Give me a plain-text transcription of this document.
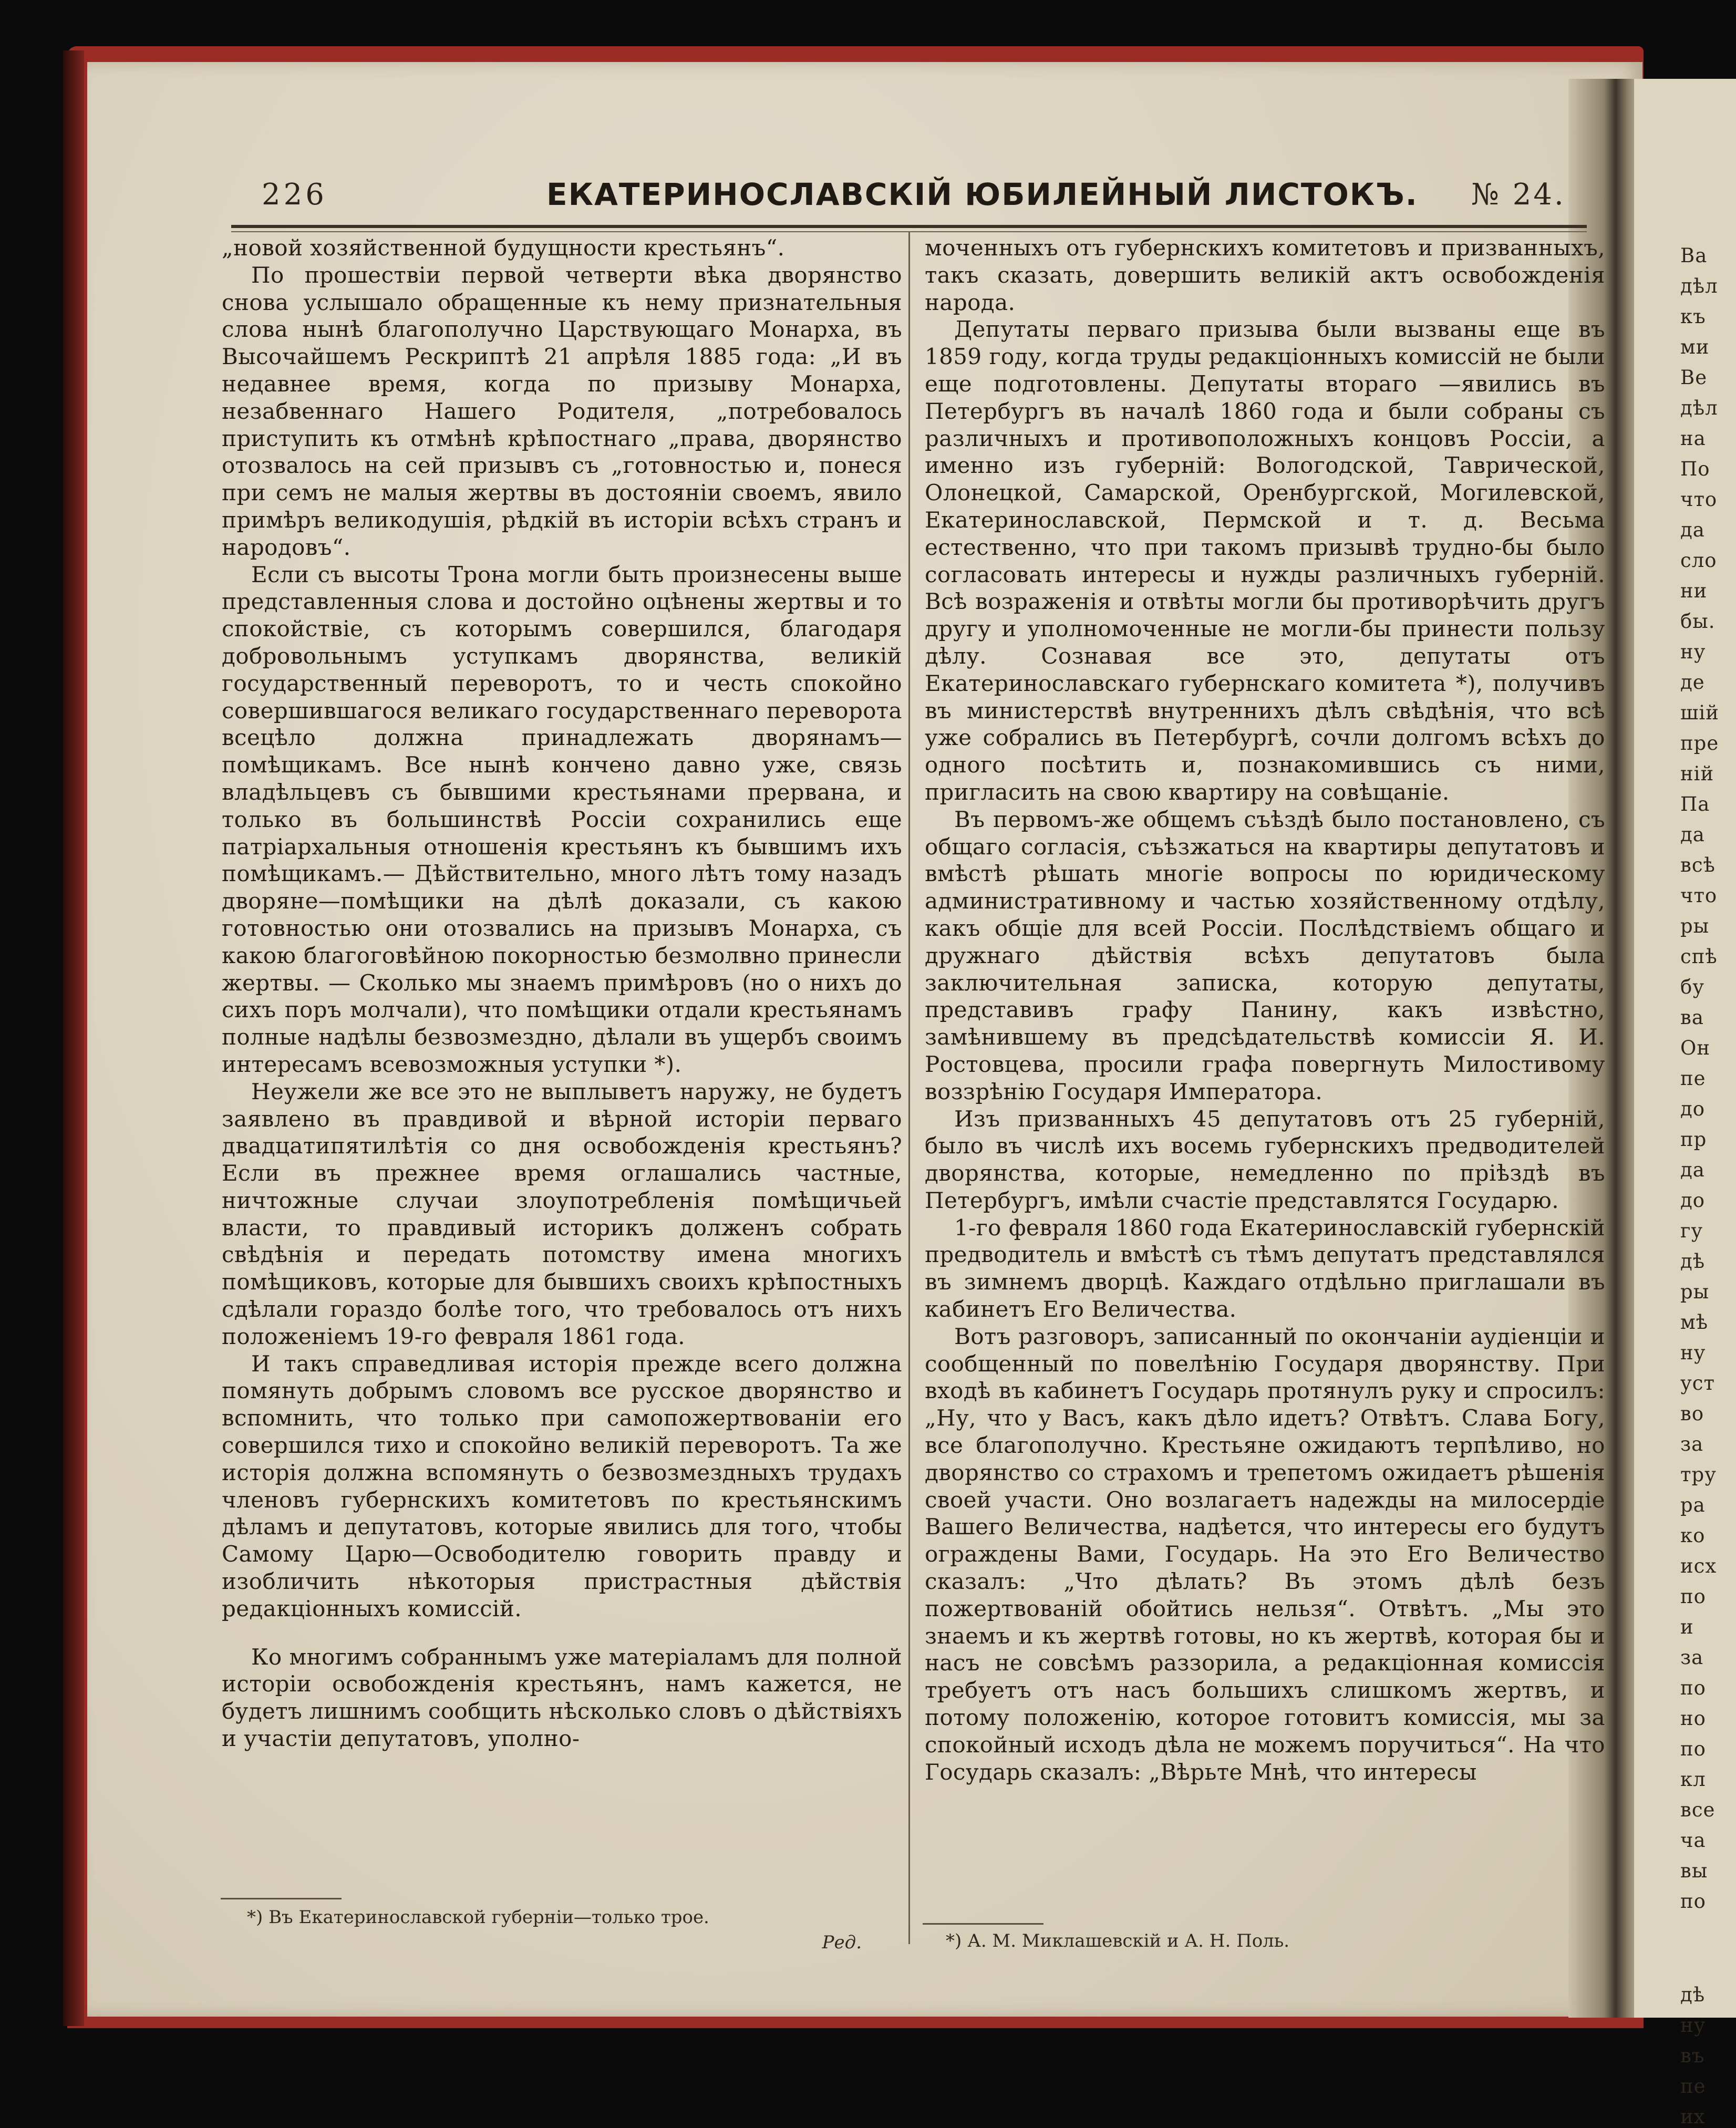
Ва
дѣл
къ
ми
Ве
дѣл
на
По
что
да
сло
ни
бы.
ну
де
шій
пре
ній
Па
да
всѣ
что
ры
спѣ
бу
ва
Он
пе
до
пр
да
до
гу
дѣ
ры
мѣ
ну
уст
во
за
тру
ра
ко
исх
по
и
за
по
но
по
кл
все
ча
вы
по
дѣ
ну
въ
пе
их
226	ЕКАТЕРИНОСЛАВСКІЙ ЮБИЛЕЙНЫЙ ЛИСТОКЪ. № 24.

„новой хозяйственной будущности крестьянъ“.

По прошествіи первой четверти вѣка дворянство снова услышало обращенные къ нему признательныя слова нынѣ благополучно Царствующаго Монарха, въ Высочайшемъ Рескриптѣ 21 апрѣля 1885 года: „И въ недавнее время, когда по призыву Монарха, незабвеннаго Нашего Родителя, „потребовалось приступить къ отмѣнѣ крѣпостнаго „права, дворянство отозвалось на сей призывъ съ „готовностью и, понеся при семъ не малыя жертвы въ достояніи своемъ, явило примѣръ великодушія, рѣдкій въ исторіи всѣхъ странъ и народовъ“.

Если съ высоты Трона могли быть произнесены выше представленныя слова и достойно оцѣнены жертвы и то спокойствіе, съ которымъ совершился, благодаря добровольнымъ уступкамъ дворянства, великій государственный переворотъ, то и честь спокойно совершившагося великаго государственнаго переворота всецѣло должна принадлежать дворянамъ—помѣщикамъ. Все нынѣ кончено давно уже, связь владѣльцевъ съ бывшими крестьянами прервана, и только въ большинствѣ Россіи сохранились еще патріархальныя отношенія крестьянъ къ бывшимъ ихъ помѣщикамъ.— Дѣйствительно, много лѣтъ тому назадъ дворяне—помѣщики на дѣлѣ доказали, съ какою готовностью они отозвались на призывъ Монарха, съ какою благоговѣйною покорностью безмолвно принесли жертвы. — Сколько мы знаемъ примѣровъ (но о нихъ до сихъ поръ молчали), что помѣщики отдали крестьянамъ полные надѣлы безвозмездно, дѣлали въ ущербъ своимъ интересамъ всевозможныя уступки *).

Неужели же все это не выплыветъ наружу, не будетъ заявлено въ правдивой и вѣрной исторіи перваго двадцатипятилѣтія со дня освобожденія крестьянъ? Если въ прежнее время оглашались частные, ничтожные случаи злоупотребленія помѣщичьей власти, то правдивый историкъ долженъ собрать свѣдѣнія и передать потомству имена многихъ помѣщиковъ, которые для бывшихъ своихъ крѣпостныхъ сдѣлали гораздо болѣе того, что требовалось отъ нихъ положеніемъ 19-го февраля 1861 года.

И такъ справедливая исторія прежде всего должна помянуть добрымъ словомъ все русское дворянство и вспомнить, что только при самопожертвованіи его совершился тихо и спокойно великій переворотъ. Та же исторія должна вспомянуть о безвозмездныхъ трудахъ членовъ губернскихъ комитетовъ по крестьянскимъ дѣламъ и депутатовъ, которые явились для того, чтобы Самому Царю—Освободителю говорить правду и изобличить нѣкоторыя пристрастныя дѣйствія редакціонныхъ комиссій.

Ко многимъ собраннымъ уже матеріаламъ для полной исторіи освобожденія крестьянъ, намъ кажется, не будетъ лишнимъ сообщить нѣсколько словъ о дѣйствіяхъ и участіи депутатовъ, уполно-

*) Въ Екатеринославской губерніи—только трое.
Ред.

моченныхъ отъ губернскихъ комитетовъ и призванныхъ, такъ сказать, довершить великій актъ освобожденія народа.

Депутаты перваго призыва были вызваны еще въ 1859 году, когда труды редакціонныхъ комиссій не были еще подготовлены. Депутаты втораго —явились въ Петербургъ въ началѣ 1860 года и были собраны съ различныхъ и противоположныхъ концовъ Россіи, а именно изъ губерній: Вологодской, Таврической, Олонецкой, Самарской, Оренбургской, Могилевской, Екатеринославской, Пермской и т. д. Весьма естественно, что при такомъ призывѣ трудно-бы было согласовать интересы и нужды различныхъ губерній. Всѣ возраженія и отвѣты могли бы противорѣчить другъ другу и уполномоченные не могли-бы принести пользу дѣлу. Сознавая все это, депутаты отъ Екатеринославскаго губернскаго комитета *), получивъ въ министерствѣ внутреннихъ дѣлъ свѣдѣнія, что всѣ уже собрались въ Петербургѣ, сочли долгомъ всѣхъ до одного посѣтить и, познакомившись съ ними, пригласить на свою квартиру на совѣщаніе.

Въ первомъ-же общемъ съѣздѣ было постановлено, съ общаго согласія, съѣзжаться на квартиры депутатовъ и вмѣстѣ рѣшать многіе вопросы по юридическому административному и частью хозяйственному отдѣлу, какъ общіе для всей Россіи. Послѣдствіемъ общаго и дружнаго дѣйствія всѣхъ депутатовъ была заключительная записка, которую депутаты, представивъ графу Панину, какъ извѣстно, замѣнившему въ предсѣдательствѣ комиссіи Я. И. Ростовцева, просили графа повергнуть Милостивому воззрѣнію Государя Императора.

Изъ призванныхъ 45 депутатовъ отъ 25 губерній, было въ числѣ ихъ восемь губернскихъ предводителей дворянства, которые, немедленно по пріѣздѣ въ Петербургъ, имѣли счастіе представлятся Государю.

1-го февраля 1860 года Екатеринославскій губернскій предводитель и вмѣстѣ съ тѣмъ депутатъ представлялся въ зимнемъ дворцѣ. Каждаго отдѣльно приглашали въ кабинетъ Его Величества.

Вотъ разговоръ, записанный по окончаніи аудіенціи и сообщенный по повелѣнію Государя дворянству. При входѣ въ кабинетъ Государь протянулъ руку и спросилъ: „Ну, что у Васъ, какъ дѣло идетъ? Отвѣтъ. Слава Богу, все благополучно. Крестьяне ожидаютъ терпѣливо, но дворянство со страхомъ и трепетомъ ожидаетъ рѣшенія своей участи. Оно возлагаетъ надежды на милосердіе Вашего Величества, надѣется, что интересы его будутъ ограждены Вами, Государь. На это Его Величество сказалъ: „Что дѣлать? Въ этомъ дѣлѣ безъ пожертвованій обойтись нельзя“. Отвѣтъ. „Мы это знаемъ и къ жертвѣ готовы, но къ жертвѣ, которая бы и насъ не совсѣмъ раззорила, а редакціонная комиссія требуетъ отъ насъ большихъ слишкомъ жертвъ, и потому положенію, которое готовитъ комиссія, мы за спокойный исходъ дѣла не можемъ поручиться“. На что Государь сказалъ: „Вѣрьте Мнѣ, что интересы

*) А. М. Миклашевскій и А. Н. Поль.
